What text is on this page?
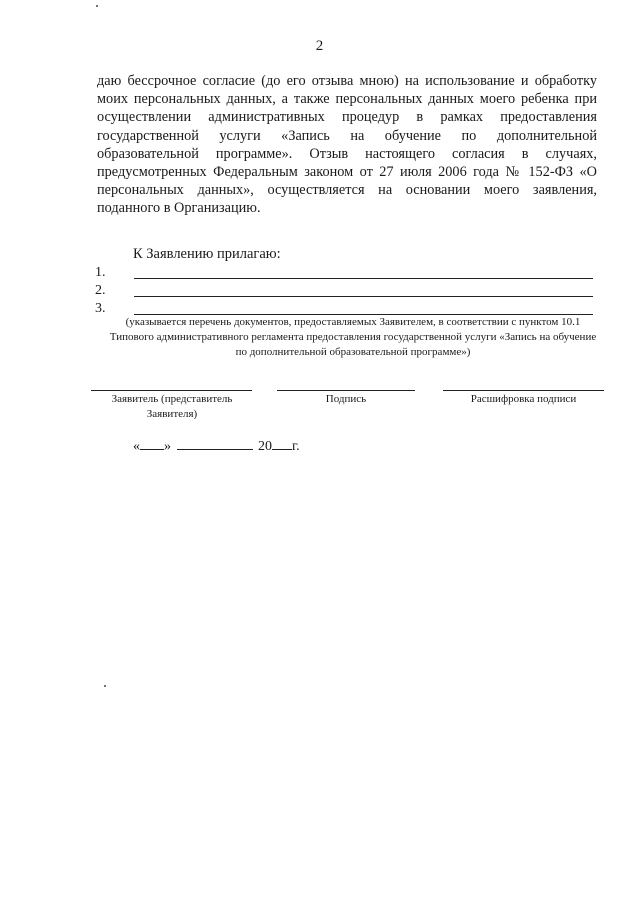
2
даю бессрочное согласие (до его отзыва мною) на использование и обработку моих персональных данных, а также персональных данных моего ребенка при осуществлении административных процедур в рамках предоставления государственной услуги «Запись на обучение по дополнительной образовательной программе». Отзыв настоящего согласия в случаях, предусмотренных Федеральным законом от 27 июля 2006 года № 152-ФЗ «О персональных данных», осуществляется на основании моего заявления, поданного в Организацию.
К Заявлению прилагаю:
1.
2.
3.
(указывается перечень документов, предоставляемых Заявителем, в соответствии с пунктом 10.1 Типового административного регламента предоставления государственной услуги «Запись на обучение по дополнительной образовательной программе»)
Заявитель (представитель Заявителя)
Подпись	Расшифровка подписи
« »	20 г.
